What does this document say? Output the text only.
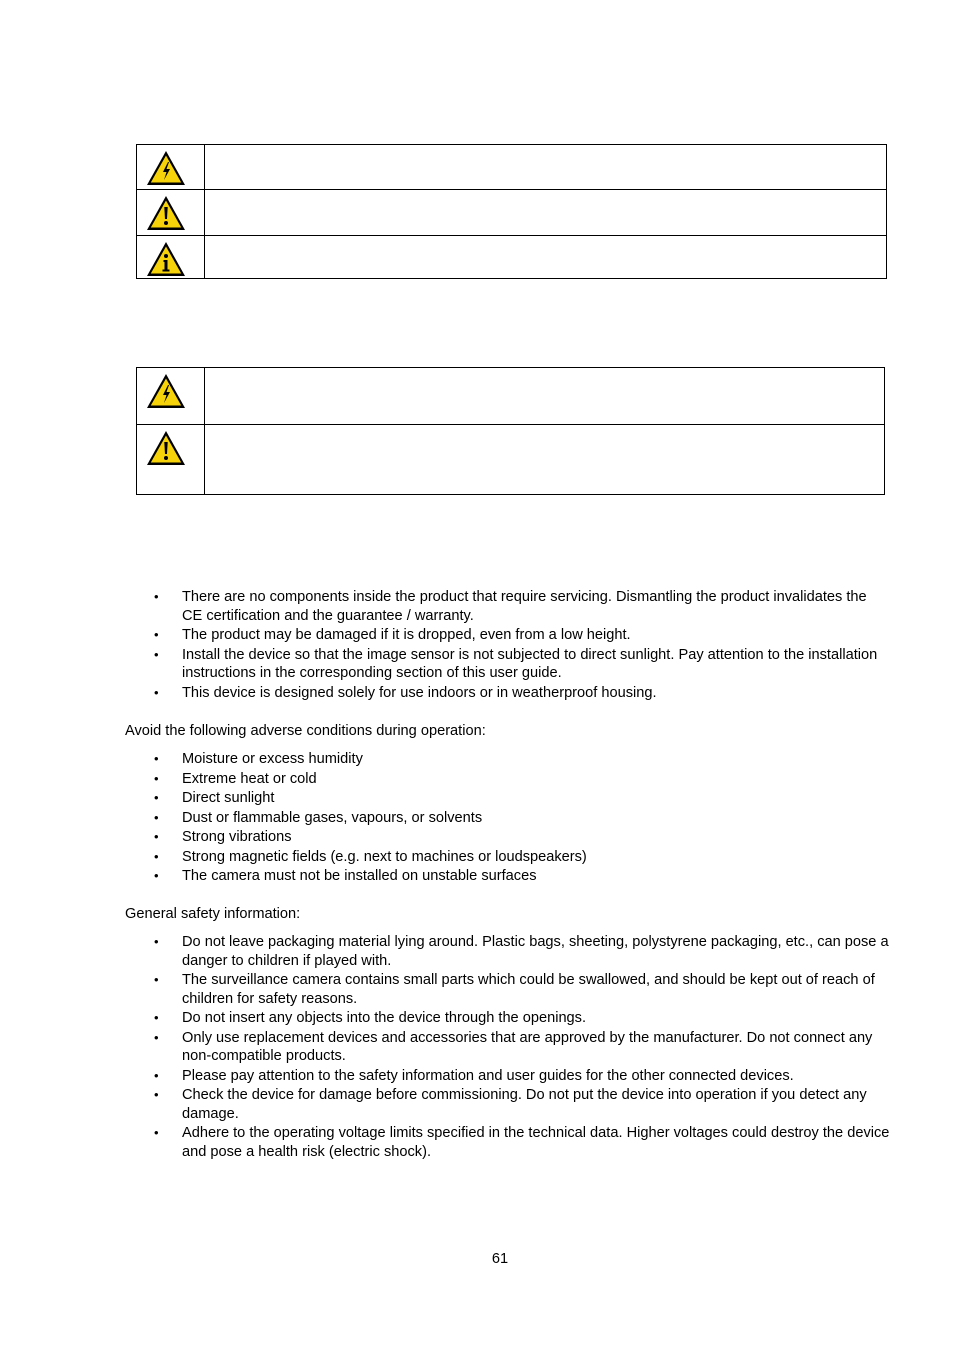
• There are no components inside the product that require servicing. Dismantling the product invalidates the CE certification and the guarantee / warranty.
• The product may be damaged if it is dropped, even from a low height.
• Install the device so that the image sensor is not subjected to direct sunlight. Pay attention to the installation instructions in the corresponding section of this user guide.
• This device is designed solely for use indoors or in weatherproof housing.

Avoid the following adverse conditions during operation:

• Moisture or excess humidity
• Extreme heat or cold
• Direct sunlight
• Dust or flammable gases, vapours, or solvents
• Strong vibrations
• Strong magnetic fields (e.g. next to machines or loudspeakers)
• The camera must not be installed on unstable surfaces

General safety information:

• Do not leave packaging material lying around. Plastic bags, sheeting, polystyrene packaging, etc., can pose a danger to children if played with.
• The surveillance camera contains small parts which could be swallowed, and should be kept out of reach of children for safety reasons.
• Do not insert any objects into the device through the openings.
• Only use replacement devices and accessories that are approved by the manufacturer. Do not connect any non-compatible products.
• Please pay attention to the safety information and user guides for the other connected devices.
• Check the device for damage before commissioning. Do not put the device into operation if you detect any damage.
• Adhere to the operating voltage limits specified in the technical data. Higher voltages could destroy the device and pose a health risk (electric shock).
61
